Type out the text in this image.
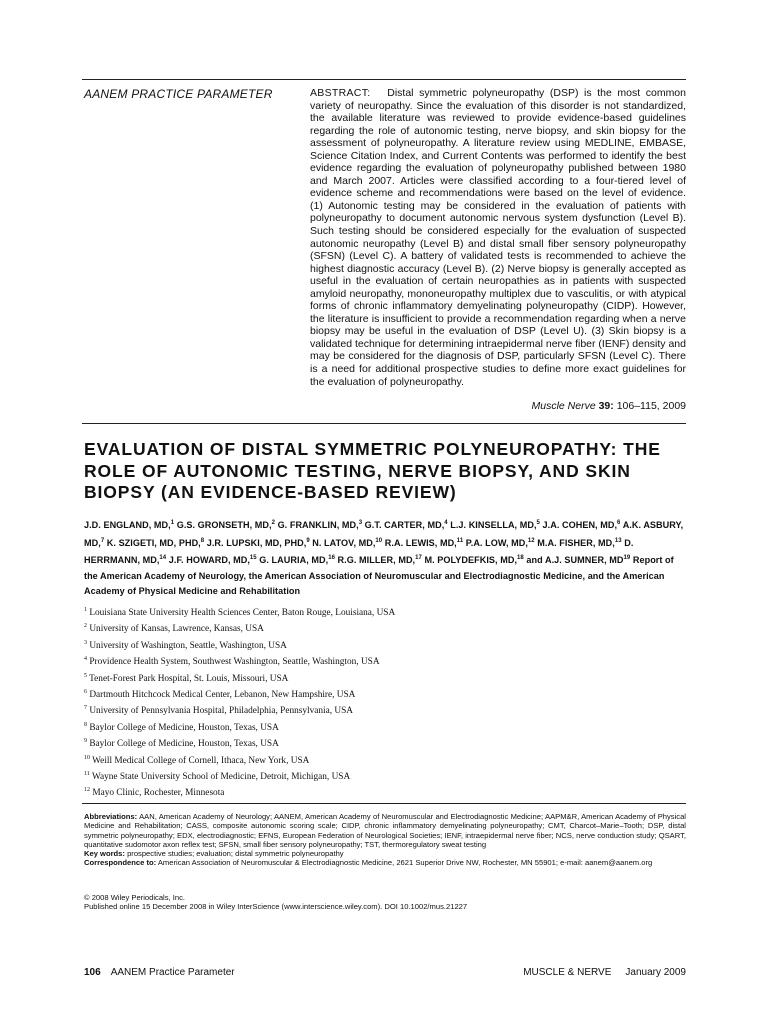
AANEM PRACTICE PARAMETER	ABSTRACT: Distal symmetric polyneuropathy (DSP) is the most common variety of neuropathy. Since the evaluation of this disorder is not standardized, the available literature was reviewed to provide evidence-based guidelines regarding the role of autonomic testing, nerve biopsy, and skin biopsy for the assessment of polyneuropathy. A literature review using MEDLINE, EMBASE, Science Citation Index, and Current Contents was performed to identify the best evidence regarding the evaluation of polyneuropathy published between 1980 and March 2007. Articles were classified according to a four-tiered level of evidence scheme and recommendations were based on the level of evidence. (1) Autonomic testing may be considered in the evaluation of patients with polyneuropathy to document autonomic nervous system dysfunction (Level B). Such testing should be considered especially for the evaluation of suspected autonomic neuropathy (Level B) and distal small fiber sensory polyneuropathy (SFSN) (Level C). A battery of validated tests is recommended to achieve the highest diagnostic accuracy (Level B). (2) Nerve biopsy is generally accepted as useful in the evaluation of certain neuropathies as in patients with suspected amyloid neuropathy, mononeuropathy multiplex due to vasculitis, or with atypical forms of chronic inflammatory demyelinating polyneuropathy (CIDP). However, the literature is insufficient to provide a recommendation regarding when a nerve biopsy may be useful in the evaluation of DSP (Level U). (3) Skin biopsy is a validated technique for determining intraepidermal nerve fiber (IENF) density and may be considered for the diagnosis of DSP, particularly SFSN (Level C). There is a need for additional prospective studies to define more exact guidelines for the evaluation of polyneuropathy.
Muscle Nerve 39: 106–115, 2009
EVALUATION OF DISTAL SYMMETRIC POLYNEUROPATHY: THE ROLE OF AUTONOMIC TESTING, NERVE BIOPSY, AND SKIN BIOPSY (AN EVIDENCE-BASED REVIEW)
J.D. ENGLAND, MD,$^1$ G.S. GRONSETH, MD,$^2$ G. FRANKLIN, MD,$^3$ G.T. CARTER, MD,$^4$ L.J. KINSELLA, MD,$^5$ J.A. COHEN, MD,$^6$ A.K. ASBURY, MD,$^7$ K. SZIGETI, MD, PHD,$^8$ J.R. LUPSKI, MD, PHD,$^9$ N. LATOV, MD,$^{10}$ R.A. LEWIS, MD,$^{11}$ P.A. LOW, MD,$^{12}$ M.A. FISHER, MD,$^{13}$ D. HERRMANN, MD,$^{14}$ J.F. HOWARD, MD,$^{15}$ G. LAURIA, MD,$^{16}$ R.G. MILLER, MD,$^{17}$ M. POLYDEFKIS, MD,$^{18}$ and A.J. SUMNER, MD$^{19}$ Report of the American Academy of Neurology, the American Association of Neuromuscular and Electrodiagnostic Medicine, and the American Academy of Physical Medicine and Rehabilitation
$^1$ Louisiana State University Health Sciences Center, Baton Rouge, Louisiana, USA
$^2$ University of Kansas, Lawrence, Kansas, USA
$^3$ University of Washington, Seattle, Washington, USA
$^4$ Providence Health System, Southwest Washington, Seattle, Washington, USA
$^5$ Tenet-Forest Park Hospital, St. Louis, Missouri, USA
$^6$ Dartmouth Hitchcock Medical Center, Lebanon, New Hampshire, USA
$^7$ University of Pennsylvania Hospital, Philadelphia, Pennsylvania, USA
$^8$ Baylor College of Medicine, Houston, Texas, USA
$^9$ Baylor College of Medicine, Houston, Texas, USA
$^{10}$ Weill Medical College of Cornell, Ithaca, New York, USA
$^{11}$ Wayne State University School of Medicine, Detroit, Michigan, USA
$^{12}$ Mayo Clinic, Rochester, Minnesota
Abbreviations: AAN, American Academy of Neurology; AANEM, American Academy of Neuromuscular and Electrodiagnostic Medicine; AAPM&R, American Academy of Physical Medicine and Rehabilitation; CASS, composite autonomic scoring scale; CIDP, chronic inflammatory demyelinating polyneuropathy; CMT, Charcot–Marie–Tooth; DSP, distal symmetric polyneuropathy; EDX, electrodiagnostic; EFNS, European Federation of Neurological Societies; IENF, intraepidermal nerve fiber; NCS, nerve conduction study; QSART, quantitative sudomotor axon reflex test; SFSN, small fiber sensory polyneuropathy; TST, thermoregulatory sweat testing
Key words: prospective studies; evaluation; distal symmetric polyneuropathy
Correspondence to: American Association of Neuromuscular & Electrodiagnostic Medicine, 2621 Superior Drive NW, Rochester, MN 55901; e-mail: aanem@aanem.org
© 2008 Wiley Periodicals, Inc.
Published online 15 December 2008 in Wiley InterScience (www.interscience.wiley.com). DOI 10.1002/mus.21227
106 AANEM Practice Parameter	MUSCLE & NERVE January 2009
